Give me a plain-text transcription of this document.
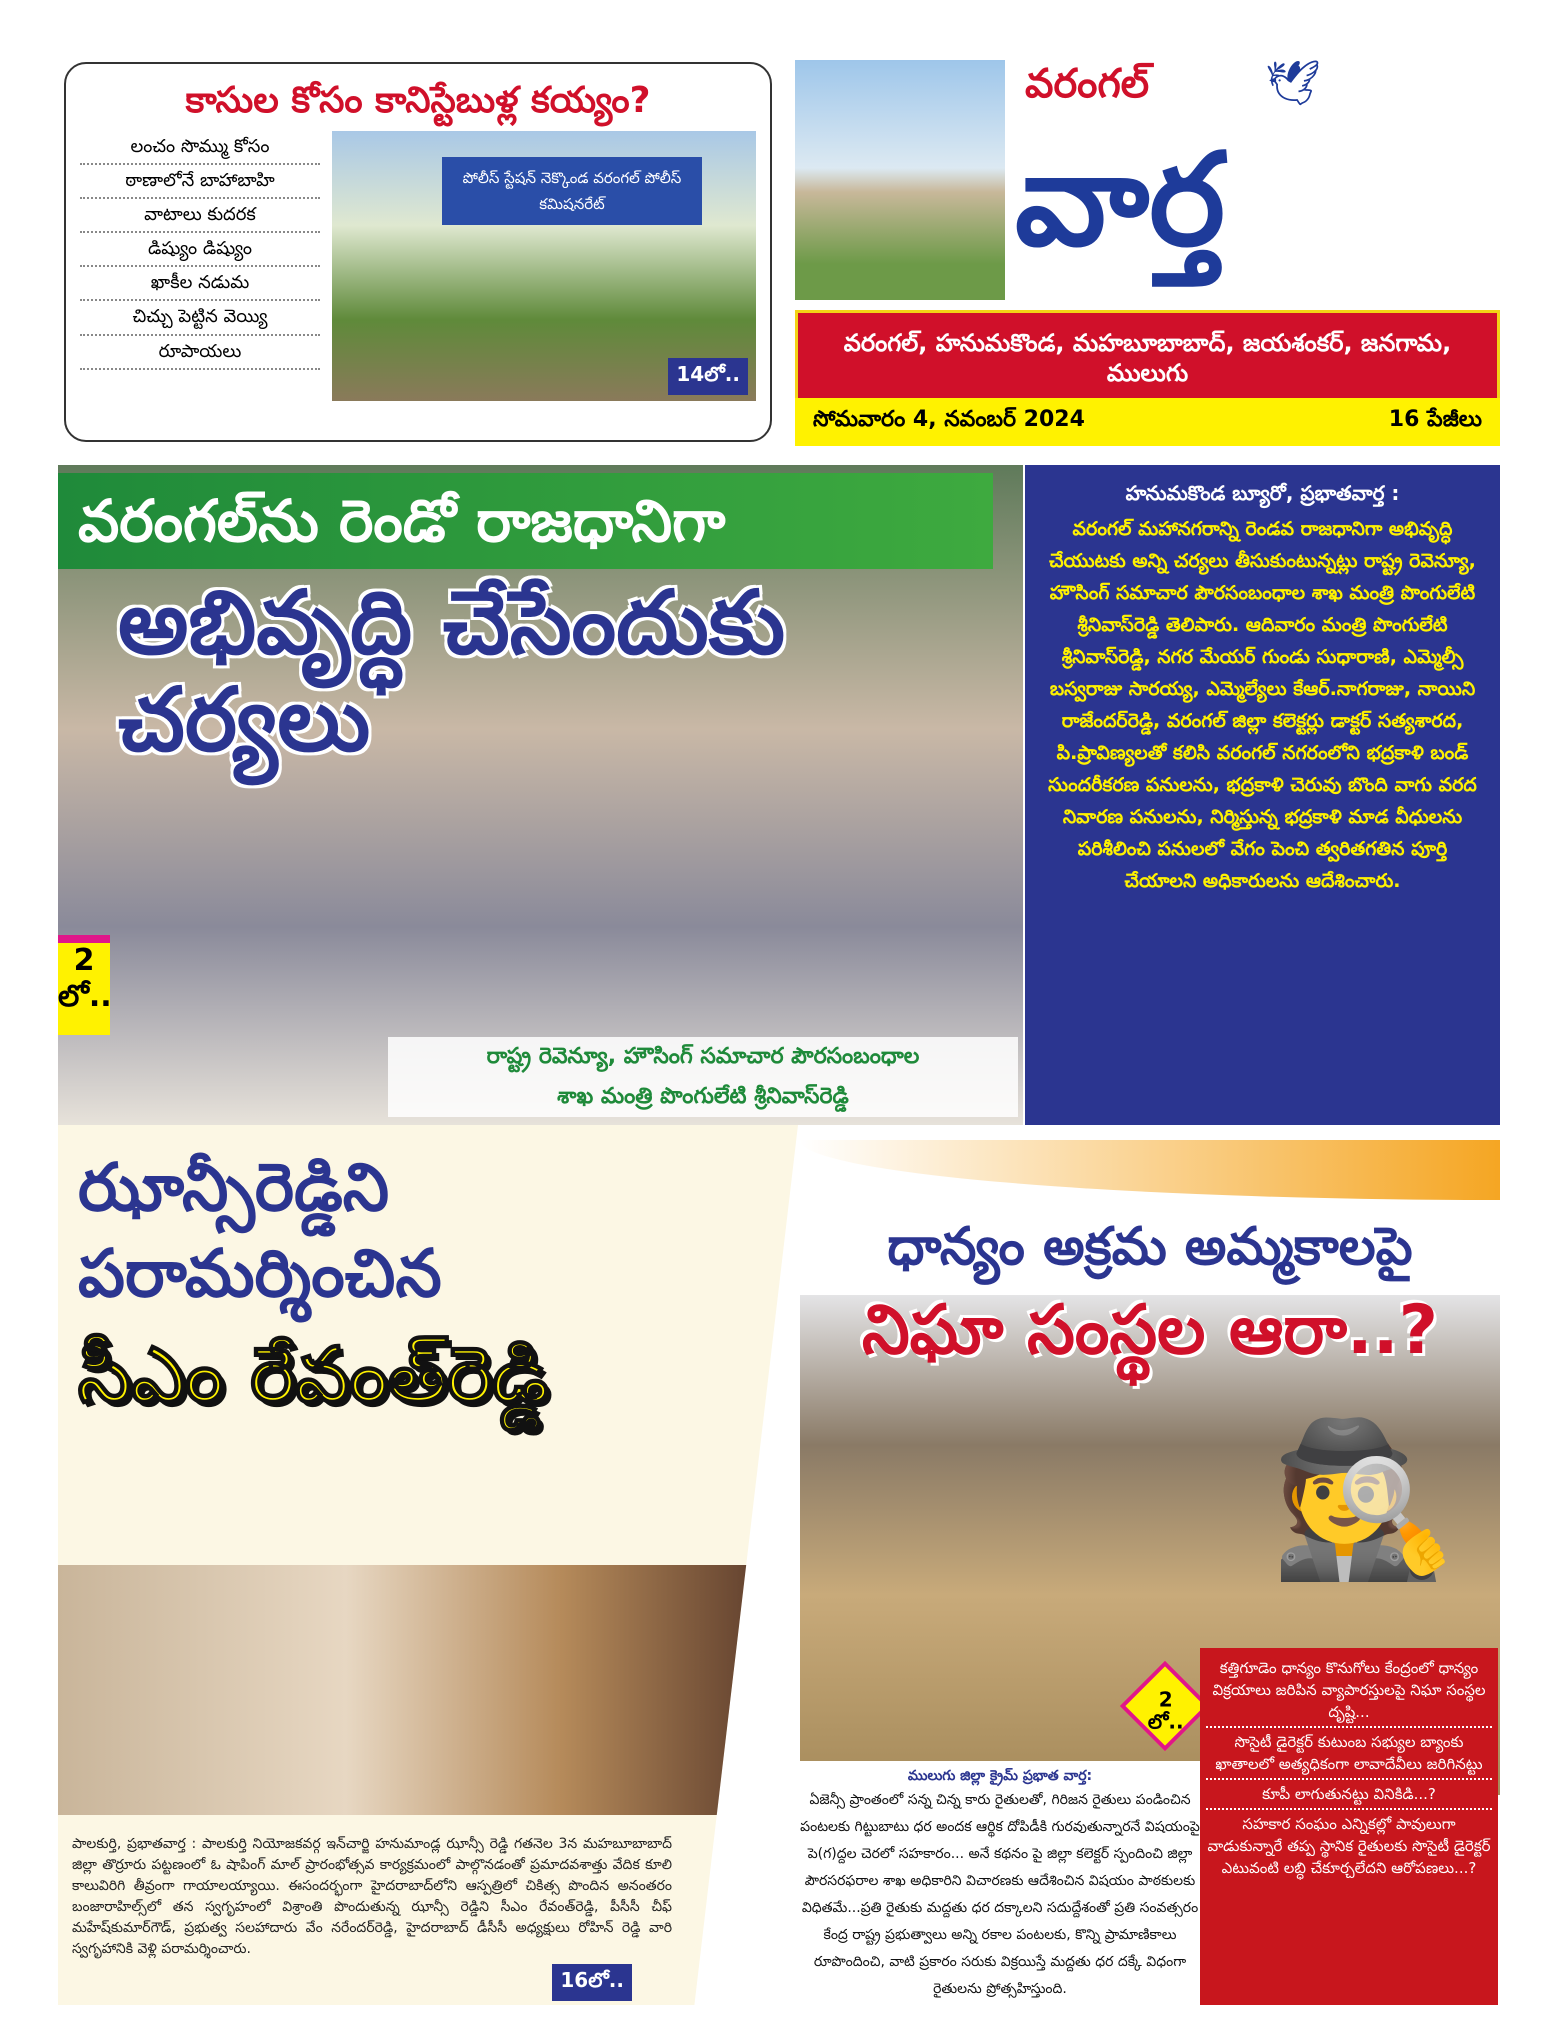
కాసుల కోసం కానిస్టేబుళ్ల కయ్యం?
లంచం సొమ్ము కోసం
ఠాణాలోనే బాహాబాహి
వాటాలు కుదరక
డిష్యుం డిష్యుం
ఖాకీల నడుమ
చిచ్చు పెట్టిన వెయ్యి
రూపాయలు
పోలీస్ స్టేషన్ నెక్కొండ వరంగల్ పోలీస్ కమిషనరేట్
14లో..
వరంగల్	🕊
వార్త
వరంగల్, హనుమకొండ, మహబూబాబాద్, జయశంకర్, జనగామ, ములుగు
సోమవారం 4, నవంబర్ 2024	16 పేజీలు
వరంగల్‌ను రెండో రాజధానిగా
అభివృద్ధి చేసేందుకు చర్యలు
2 లో..
రాష్ట్ర రెవెన్యూ, హౌసింగ్ సమాచార పౌరసంబంధాల
శాఖ మంత్రి పొంగులేటి శ్రీనివాస్‌రెడ్డి
హనుమకొండ బ్యూరో, ప్రభాతవార్త :

వరంగల్ మహానగరాన్ని రెండవ రాజధానిగా అభివృద్ధి చేయుటకు అన్ని చర్యలు తీసుకుంటున్నట్లు రాష్ట్ర రెవెన్యూ, హౌసింగ్ సమాచార పౌరసంబంధాల శాఖ మంత్రి పొంగులేటి శ్రీనివాస్‌రెడ్డి తెలిపారు. ఆదివారం మంత్రి పొంగులేటి శ్రీనివాస్‌రెడ్డి, నగర మేయర్ గుండు సుధారాణి, ఎమ్మెల్సీ బస్వరాజు సారయ్య, ఎమ్మెల్యేలు కేఆర్.నాగరాజు, నాయిని రాజేందర్‌రెడ్డి, వరంగల్ జిల్లా కలెక్టర్లు డాక్టర్ సత్యశారద, పి.ప్రావిణ్యలతో కలిసి వరంగల్ నగరంలోని భద్రకాళి బండ్ సుందరీకరణ పనులను, భద్రకాళి చెరువు బొంది వాగు వరద నివారణ పనులను, నిర్మిస్తున్న భద్రకాళి మాడ వీధులను పరిశీలించి పనులలో వేగం పెంచి త్వరితగతిన పూర్తి చేయాలని అధికారులను ఆదేశించారు.

ఝాన్సీరెడ్డిని పరామర్శించిన
సీఎం రేవంత్‌రెడ్డి
పాలకుర్తి, ప్రభాతవార్త : పాలకుర్తి నియోజకవర్గ ఇన్‌చార్జి హనుమాండ్ల ఝాన్సీ రెడ్డి గతనెల 3న మహబూబాబాద్ జిల్లా తొర్రూరు పట్టణంలో ఓ షాపింగ్ మాల్ ప్రారంభోత్సవ కార్యక్రమంలో పాల్గొనడంతో ప్రమాదవశాత్తు వేదిక కూలి కాలువిరిగి తీవ్రంగా గాయాలయ్యాయి. ఈసందర్భంగా హైదరాబాద్‌లోని ఆస్పత్రిలో చికిత్స పొందిన అనంతరం బంజారాహిల్స్‌లో తన స్వగృహంలో విశ్రాంతి పొందుతున్న ఝాన్సీ రెడ్డిని సీఎం రేవంత్‌రెడ్డి, పీసీసీ చీఫ్ మహేష్‌కుమార్‌గౌడ్, ప్రభుత్వ సలహాదారు వేం నరేందర్‌రెడ్డి, హైదరాబాద్ డీసీసీ అధ్యక్షులు రోహిన్ రెడ్డి వారి స్వగృహానికి వెళ్లి పరామర్శించారు.
16లో..
🕵
ధాన్యం అక్రమ అమ్మకాలపై
నిఘా సంస్థల ఆరా..?
2 లో..
ములుగు జిల్లా క్రైమ్ ప్రభాత వార్త:
ఏజెన్సీ ప్రాంతంలో సన్న చిన్న కారు రైతులతో, గిరిజన రైతులు పండించిన పంటలకు గిట్టుబాటు ధర అందక ఆర్థిక దోపిడీకి గురవుతున్నారనే విషయంపై పె(గ)ద్దల చెరలో సహకారం... అనే కథనం పై జిల్లా కలెక్టర్ స్పందించి జిల్లా పౌరసరఫరాల శాఖ అధికారిని విచారణకు ఆదేశించిన విషయం పాఠకులకు విధితమే...ప్రతి రైతుకు మద్దతు ధర దక్కాలని సదుద్దేశంతో ప్రతి సంవత్సరం కేంద్ర రాష్ట్ర ప్రభుత్వాలు అన్ని రకాల పంటలకు, కొన్ని ప్రామాణికాలు రూపొందించి, వాటి ప్రకారం సరుకు విక్రయిస్తే మద్దతు ధర దక్కే విధంగా రైతులను ప్రోత్సహిస్తుంది.
కత్తిగూడెం ధాన్యం కొనుగోలు కేంద్రంలో ధాన్యం విక్రయాలు జరిపిన వ్యాపారస్తులపై నిఘా సంస్థల దృష్టి...
సొసైటీ డైరెక్టర్ కుటుంబ సభ్యుల బ్యాంకు ఖాతాలలో అత్యధికంగా లావాదేవీలు జరిగినట్టు
కూపీ లాగుతునట్టు వినికిడి...?
సహకార సంఘం ఎన్నికల్లో పావులుగా వాడుకున్నారే తప్ప స్థానిక రైతులకు సొసైటీ డైరెక్టర్ ఎటువంటి లబ్ధి చేకూర్చలేదని ఆరోపణలు...?
